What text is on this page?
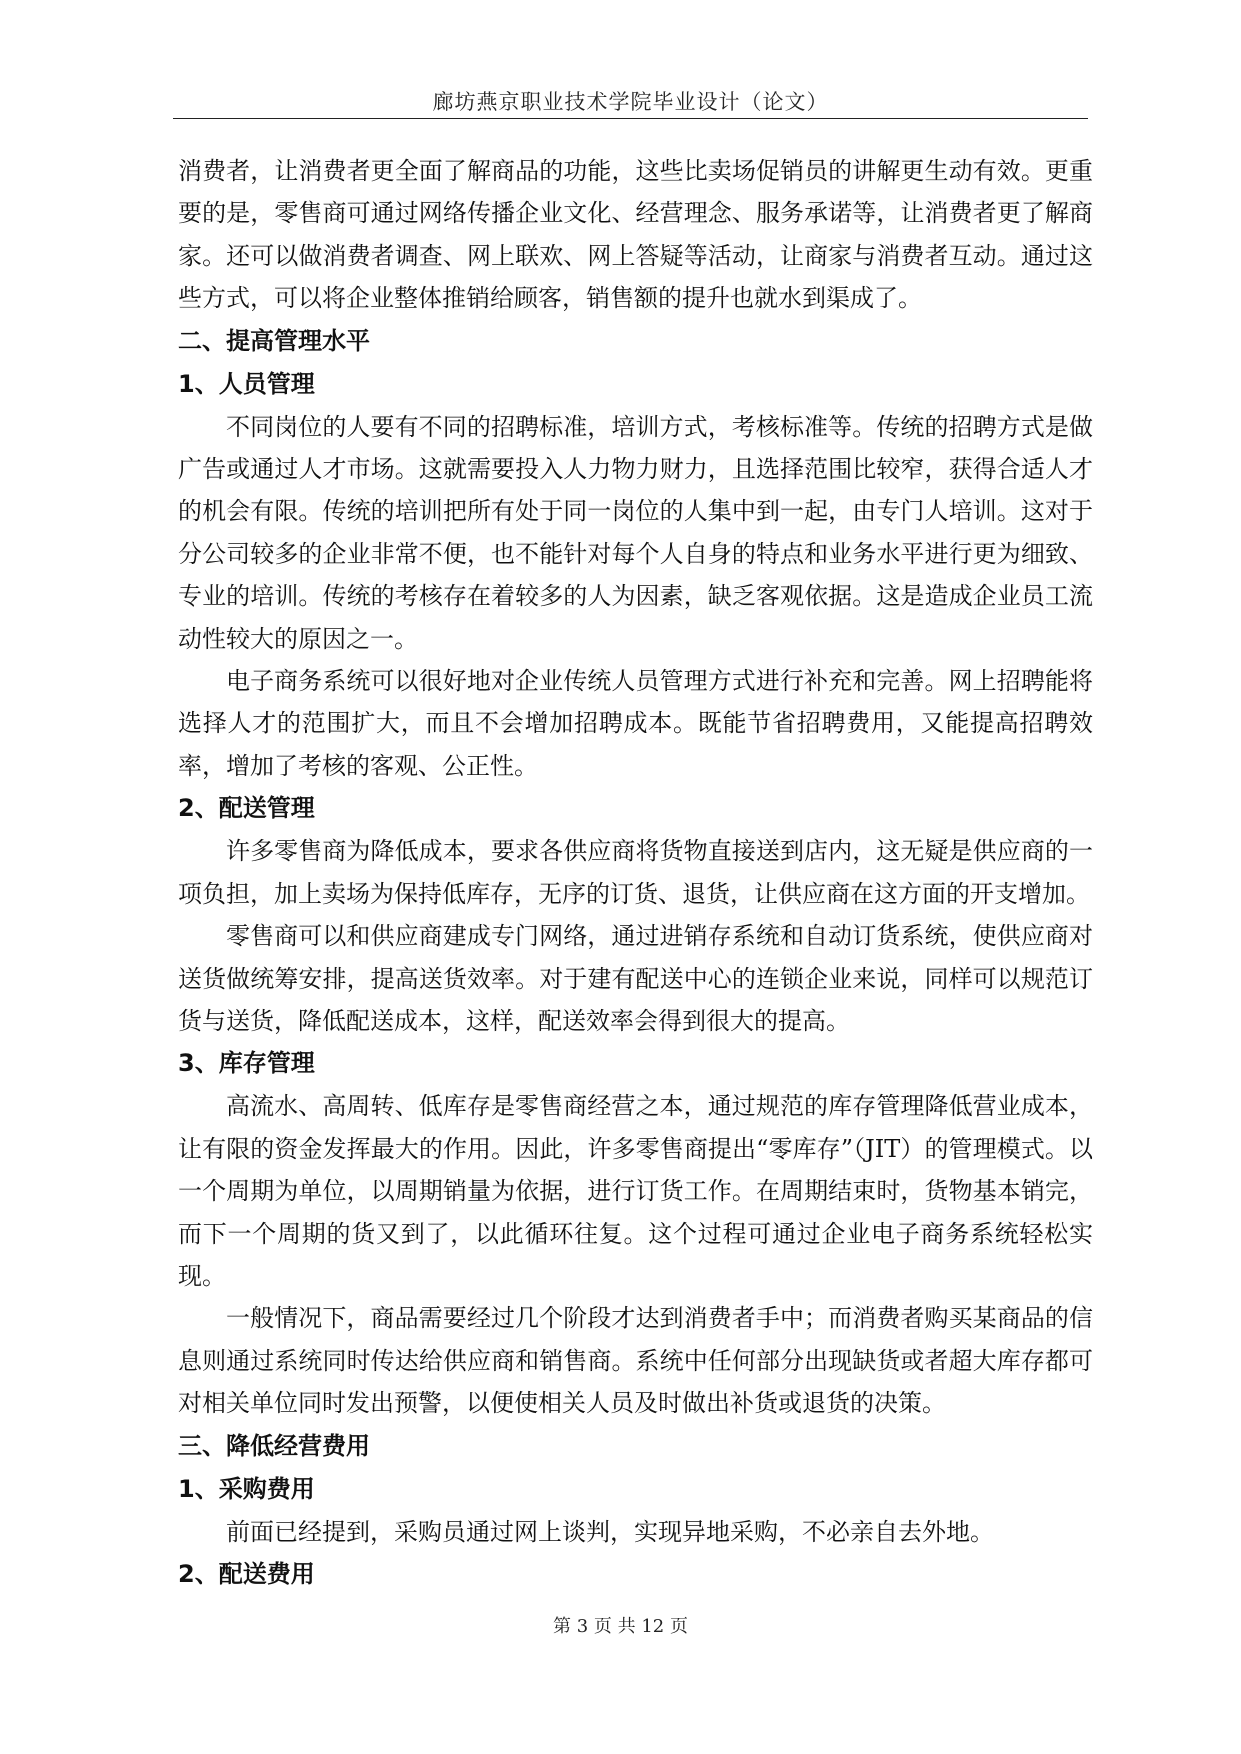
廊坊燕京职业技术学院毕业设计（论文）

消费者，让消费者更全面了解商品的功能，这些比卖场促销员的讲解更生动有效。更重要的是，零售商可通过网络传播企业文化、经营理念、服务承诺等，让消费者更了解商家。还可以做消费者调查、网上联欢、网上答疑等活动，让商家与消费者互动。通过这些方式，可以将企业整体推销给顾客，销售额的提升也就水到渠成了。

二、提高管理水平
1、人员管理

不同岗位的人要有不同的招聘标准，培训方式，考核标准等。传统的招聘方式是做广告或通过人才市场。这就需要投入人力物力财力，且选择范围比较窄，获得合适人才的机会有限。传统的培训把所有处于同一岗位的人集中到一起，由专门人培训。这对于分公司较多的企业非常不便，也不能针对每个人自身的特点和业务水平进行更为细致、专业的培训。传统的考核存在着较多的人为因素，缺乏客观依据。这是造成企业员工流动性较大的原因之一。

电子商务系统可以很好地对企业传统人员管理方式进行补充和完善。网上招聘能将选择人才的范围扩大，而且不会增加招聘成本。既能节省招聘费用，又能提高招聘效率，增加了考核的客观、公正性。

2、配送管理

许多零售商为降低成本，要求各供应商将货物直接送到店内，这无疑是供应商的一项负担，加上卖场为保持低库存，无序的订货、退货，让供应商在这方面的开支增加。

零售商可以和供应商建成专门网络，通过进销存系统和自动订货系统，使供应商对送货做统筹安排，提高送货效率。对于建有配送中心的连锁企业来说，同样可以规范订货与送货，降低配送成本，这样，配送效率会得到很大的提高。

3、库存管理

高流水、高周转、低库存是零售商经营之本，通过规范的库存管理降低营业成本，让有限的资金发挥最大的作用。因此，许多零售商提出“零库存”（JIT）的管理模式。以一个周期为单位，以周期销量为依据，进行订货工作。在周期结束时，货物基本销完，而下一个周期的货又到了，以此循环往复。这个过程可通过企业电子商务系统轻松实现。

一般情况下，商品需要经过几个阶段才达到消费者手中；而消费者购买某商品的信息则通过系统同时传达给供应商和销售商。系统中任何部分出现缺货或者超大库存都可对相关单位同时发出预警，以便使相关人员及时做出补货或退货的决策。

三、降低经营费用
1、采购费用

前面已经提到，采购员通过网上谈判，实现异地采购，不必亲自去外地。

2、配送费用
第 3 页 共 12 页
